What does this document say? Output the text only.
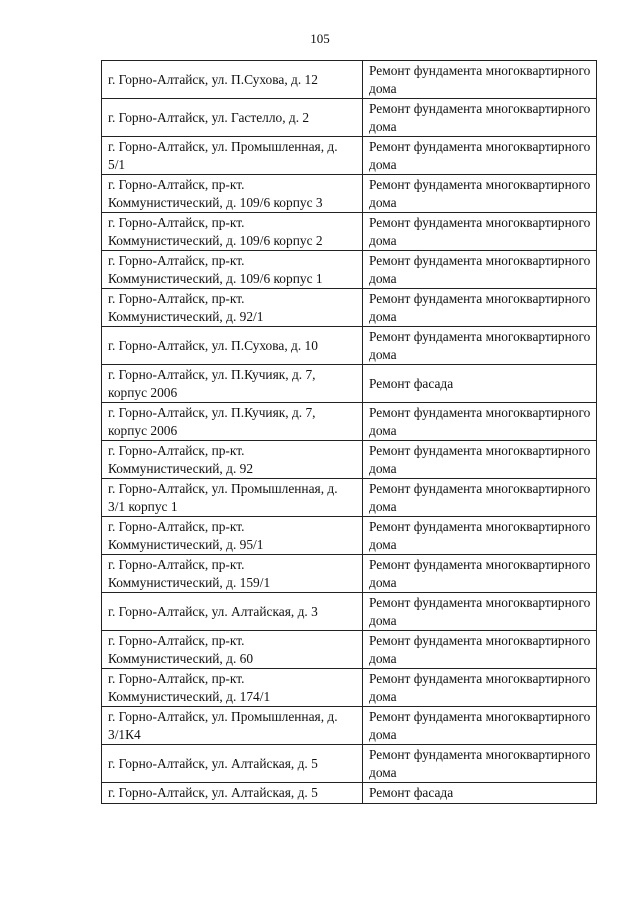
105
г. Горно-Алтайск, ул. П.Сухова, д. 12	Ремонт фундамента многоквартирного дома
г. Горно-Алтайск, ул. Гастелло, д. 2	Ремонт фундамента многоквартирного дома
г. Горно-Алтайск, ул. Промышленная, д. 5/1	Ремонт фундамента многоквартирного дома
г. Горно-Алтайск, пр-кт. Коммунистический, д. 109/6 корпус 3	Ремонт фундамента многоквартирного дома
г. Горно-Алтайск, пр-кт. Коммунистический, д. 109/6 корпус 2	Ремонт фундамента многоквартирного дома
г. Горно-Алтайск, пр-кт. Коммунистический, д. 109/6 корпус 1	Ремонт фундамента многоквартирного дома
г. Горно-Алтайск, пр-кт. Коммунистический, д. 92/1	Ремонт фундамента многоквартирного дома
г. Горно-Алтайск, ул. П.Сухова, д. 10	Ремонт фундамента многоквартирного дома
г. Горно-Алтайск, ул. П.Кучияк, д. 7, корпус 2006	Ремонт фасада
г. Горно-Алтайск, ул. П.Кучияк, д. 7, корпус 2006	Ремонт фундамента многоквартирного дома
г. Горно-Алтайск, пр-кт. Коммунистический, д. 92	Ремонт фундамента многоквартирного дома
г. Горно-Алтайск, ул. Промышленная, д. 3/1 корпус 1	Ремонт фундамента многоквартирного дома
г. Горно-Алтайск, пр-кт. Коммунистический, д. 95/1	Ремонт фундамента многоквартирного дома
г. Горно-Алтайск, пр-кт. Коммунистический, д. 159/1	Ремонт фундамента многоквартирного дома
г. Горно-Алтайск, ул. Алтайская, д. 3	Ремонт фундамента многоквартирного дома
г. Горно-Алтайск, пр-кт. Коммунистический, д. 60	Ремонт фундамента многоквартирного дома
г. Горно-Алтайск, пр-кт. Коммунистический, д. 174/1	Ремонт фундамента многоквартирного дома
г. Горно-Алтайск, ул. Промышленная, д. 3/1К4	Ремонт фундамента многоквартирного дома
г. Горно-Алтайск, ул. Алтайская, д. 5	Ремонт фундамента многоквартирного дома
г. Горно-Алтайск, ул. Алтайская, д. 5	Ремонт фасада
